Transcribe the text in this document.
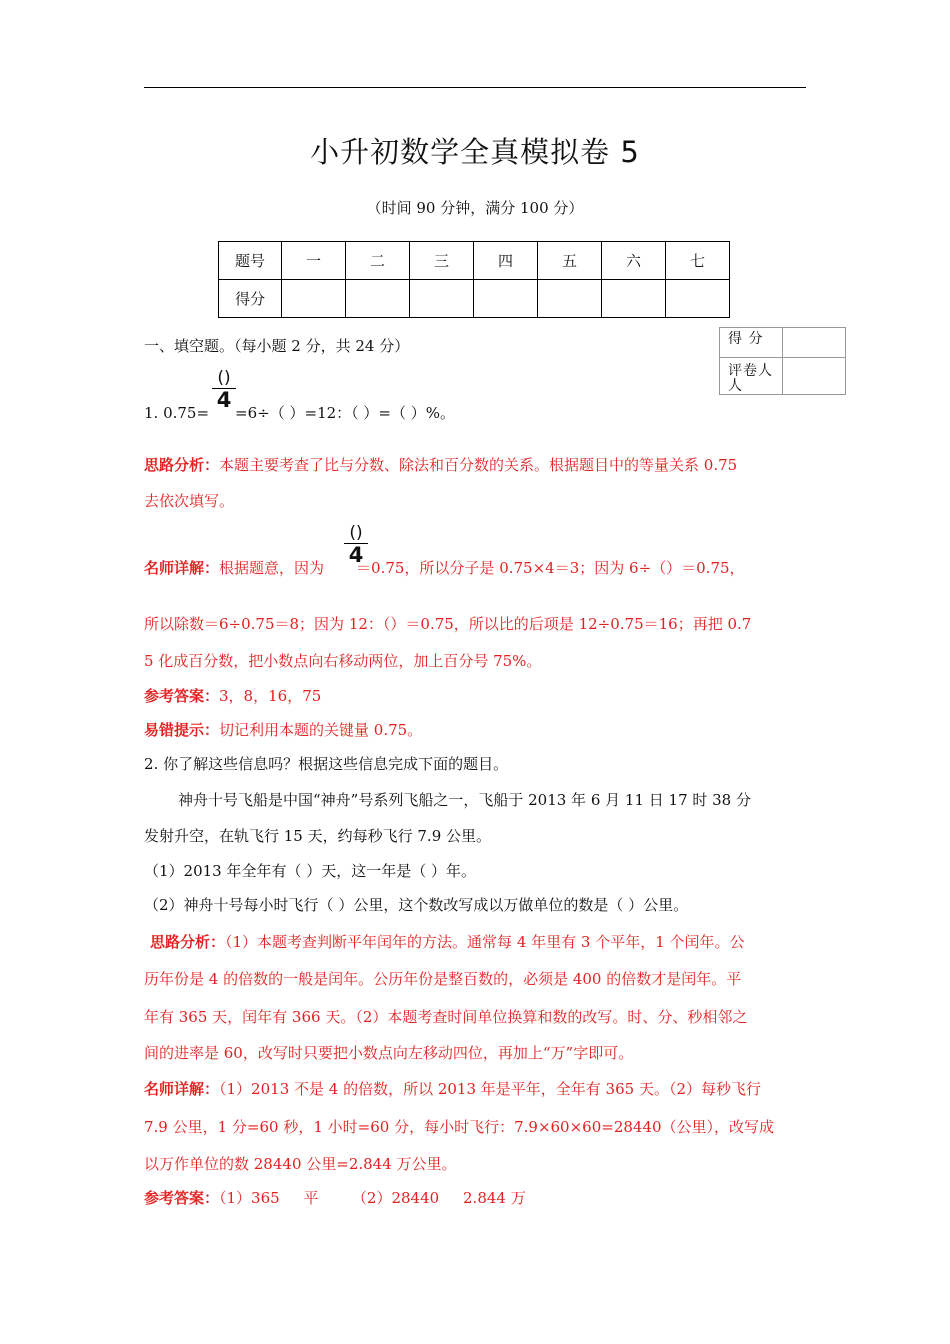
小升初数学全真模拟卷 5
（时间 90 分钟，满分 100 分）
题号	一	二	三	四	五	六	七
得分							
得 分	
评卷人人	
一、填空题。（每小题 2 分，共 24 分）
()
4
1. 0.75= =6÷（ ）=12：（ ）=（ ）%。
思路分析：本题主要考查了比与分数、除法和百分数的关系。根据题目中的等量关系 0.75
去依次填写。
()
4
名师详解：根据题意，因为 ＝0.75，所以分子是 0.75×4＝3；因为 6÷（）＝0.75，
所以除数＝6÷0.75＝8；因为 12：（）＝0.75，所以比的后项是 12÷0.75＝16；再把 0.7
5 化成百分数，把小数点向右移动两位，加上百分号 75%。
参考答案：3，8，16，75
易错提示：切记利用本题的关键量 0.75。
2. 你了解这些信息吗？根据这些信息完成下面的题目。
神舟十号飞船是中国“神舟”号系列飞船之一，飞船于 2013 年 6 月 11 日 17 时 38 分
发射升空，在轨飞行 15 天，约每秒飞行 7.9 公里。
（1）2013 年全年有（ ）天，这一年是（ ）年。
（2）神舟十号每小时飞行（ ）公里，这个数改写成以万做单位的数是（ ）公里。
思路分析：（1）本题考查判断平年闰年的方法。通常每 4 年里有 3 个平年，1 个闰年。公
历年份是 4 的倍数的一般是闰年。公历年份是整百数的，必须是 400 的倍数才是闰年。平
年有 365 天，闰年有 366 天。（2）本题考查时间单位换算和数的改写。时、分、秒相邻之
间的进率是 60，改写时只要把小数点向左移动四位，再加上“万”字即可。
名师详解：（1）2013 不是 4 的倍数，所以 2013 年是平年，全年有 365 天。（2）每秒飞行
7.9 公里，1 分=60 秒，1 小时=60 分，每小时飞行：7.9×60×60=28440（公里），改写成
以万作单位的数 28440 公里=2.844 万公里。
参考答案：（1）365     平       （2）28440     2.844 万
